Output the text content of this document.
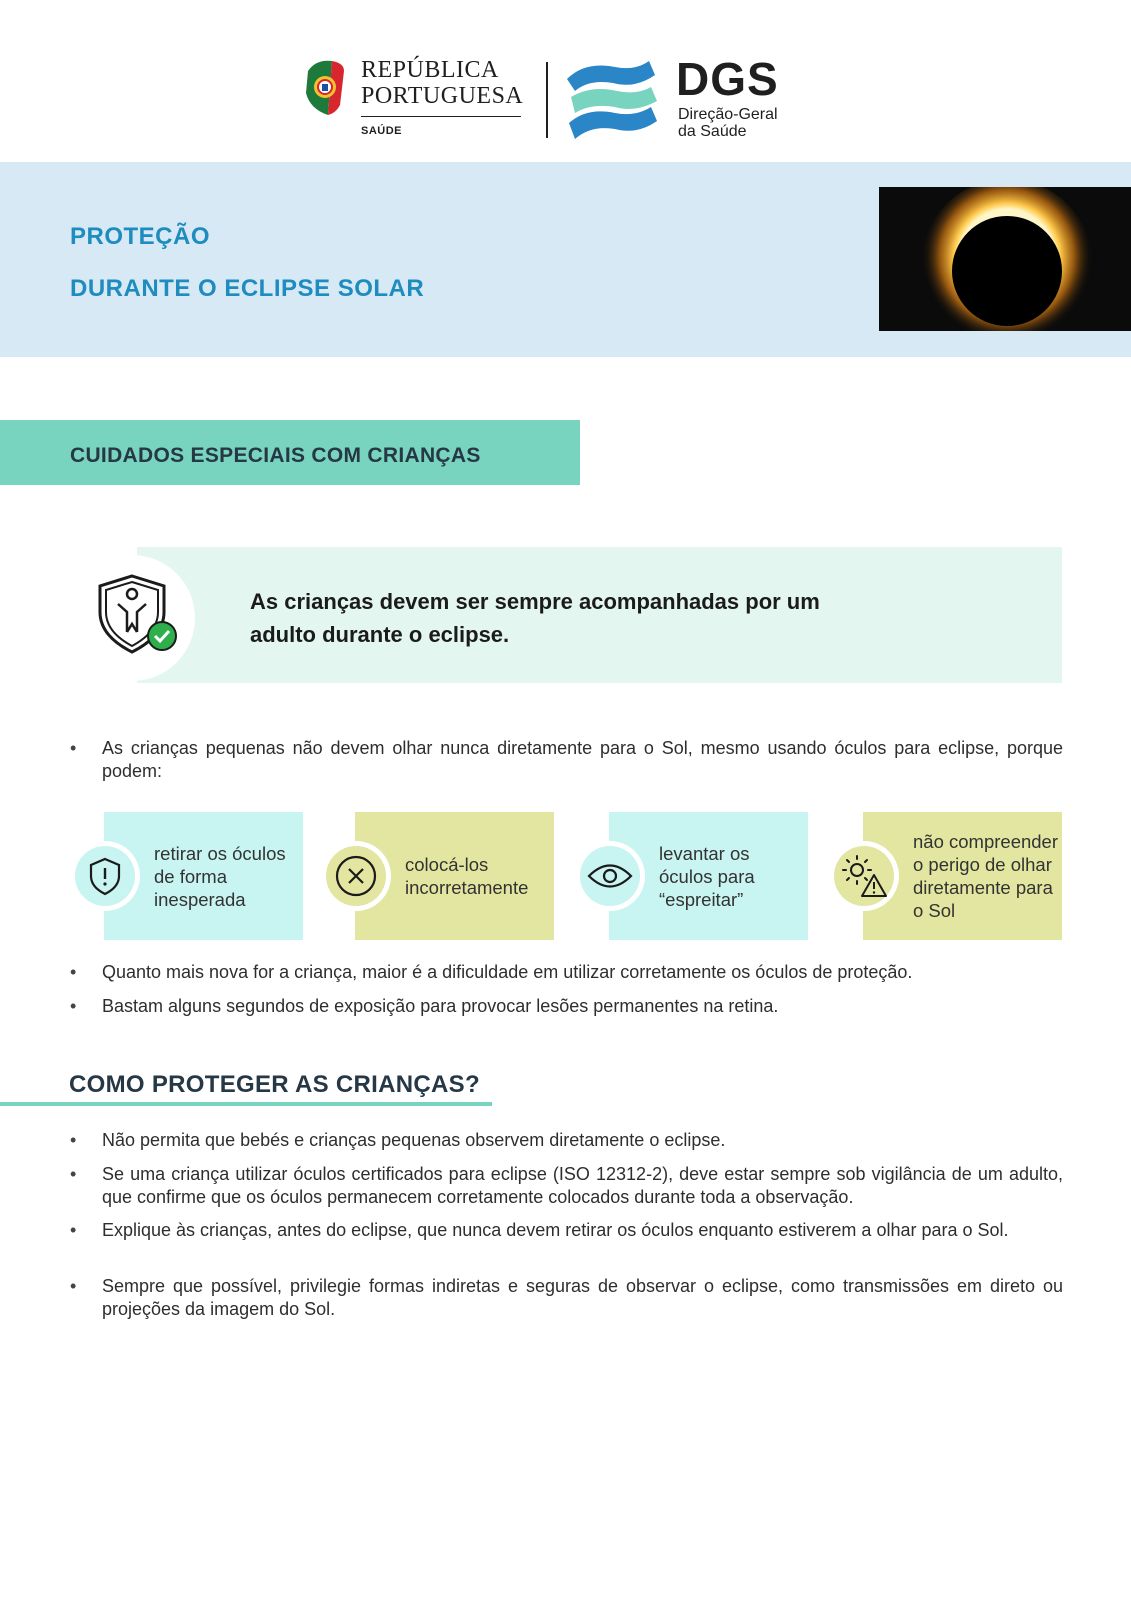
REPÚBLICA
PORTUGUESA
SAÚDE
DGS
Direção-Geral
da Saúde
PROTEÇÃO
DURANTE O ECLIPSE SOLAR
CUIDADOS ESPECIAIS COM CRIANÇAS
As crianças devem ser sempre acompanhadas por um
adulto durante o eclipse.
•	As crianças pequenas não devem olhar nunca diretamente para o Sol, mesmo usando óculos para eclipse, porque podem:
retirar os óculos de forma inesperada
colocá-los incorretamente
levantar os óculos para “espreitar”
não compreender o perigo de olhar diretamente para o Sol
•	Quanto mais nova for a criança, maior é a dificuldade em utilizar corretamente os óculos de proteção.
•	Bastam alguns segundos de exposição para provocar lesões permanentes na retina.
COMO PROTEGER AS CRIANÇAS?
•	Não permita que bebés e crianças pequenas observem diretamente o eclipse.
•	Se uma criança utilizar óculos certificados para eclipse (ISO 12312-2), deve estar sempre sob vigilância de um adulto, que confirme que os óculos permanecem corretamente colocados durante toda a observação.
•	Explique às crianças, antes do eclipse, que nunca devem retirar os óculos enquanto estiverem a olhar para o Sol.
•	Sempre que possível, privilegie formas indiretas e seguras de observar o eclipse, como transmissões em direto ou projeções da imagem do Sol.
